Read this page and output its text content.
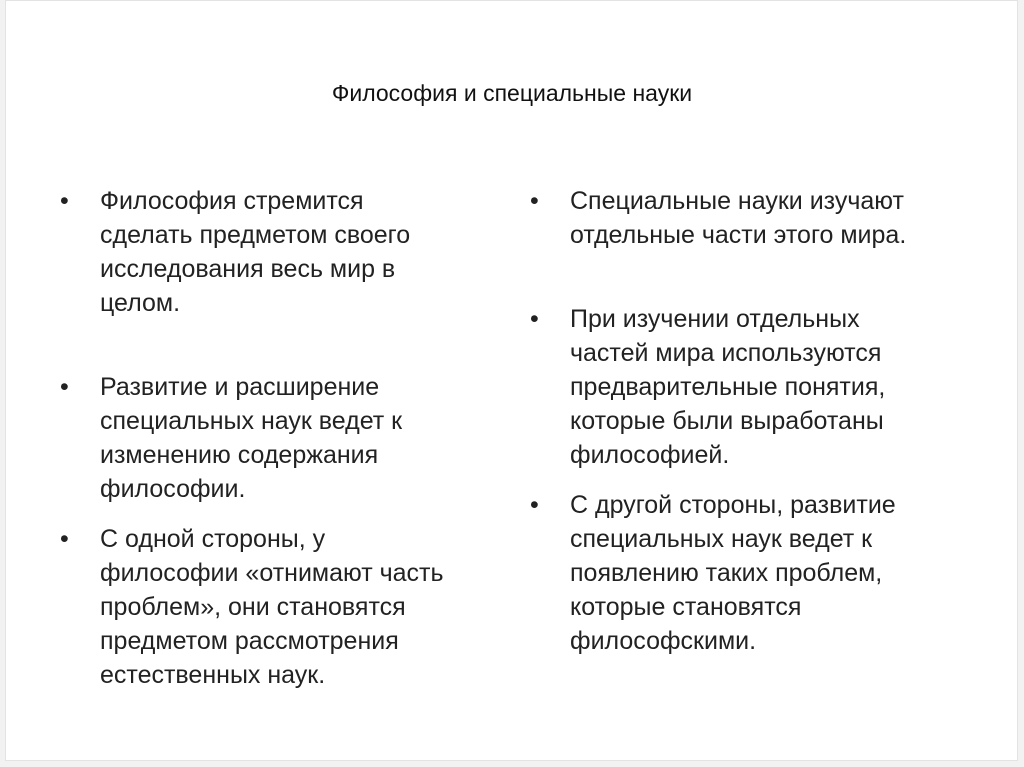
Философия и специальные науки
•	Философия стремится
сделать предметом своего
исследования весь мир в
целом.
•	Развитие и расширение
специальных наук ведет к
изменению содержания
философии.
•	С одной стороны, у
философии «отнимают часть
проблем», они становятся
предметом рассмотрения
естественных наук.
•	Специальные науки изучают
отдельные части этого мира.
•	При изучении отдельных
частей мира используются
предварительные понятия,
которые были выработаны
философией.
•	С другой стороны, развитие
специальных наук ведет к
появлению таких проблем,
которые становятся
философскими.
